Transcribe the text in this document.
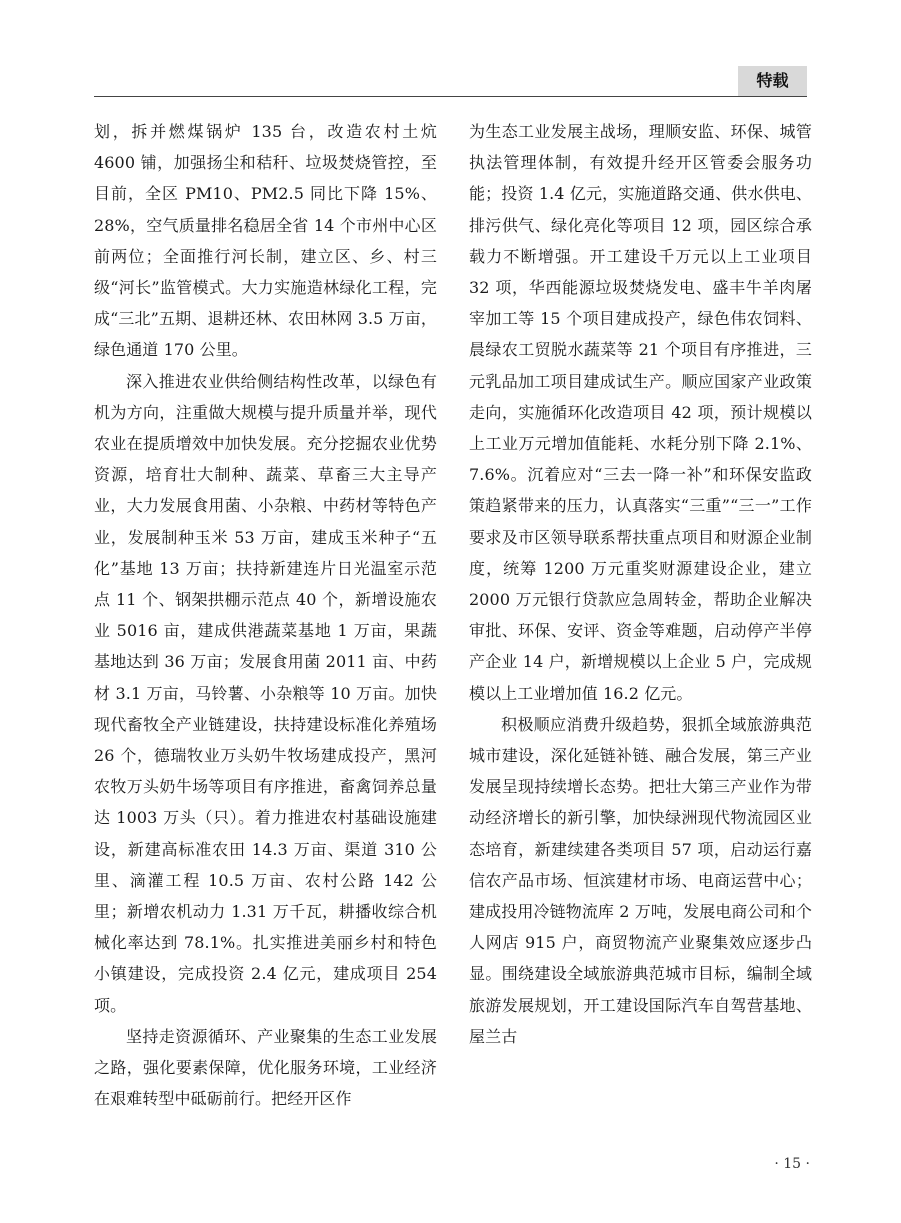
特载

划，拆并燃煤锅炉 135 台，改造农村土炕 4600 铺，加强扬尘和秸秆、垃圾焚烧管控，至目前，全区 PM10、PM2.5 同比下降 15%、28%，空气质量排名稳居全省 14 个市州中心区前两位；全面推行河长制，建立区、乡、村三级“河长”监管模式。大力实施造林绿化工程，完成“三北”五期、退耕还林、农田林网 3.5 万亩，绿色通道 170 公里。

深入推进农业供给侧结构性改革，以绿色有机为方向，注重做大规模与提升质量并举，现代农业在提质增效中加快发展。充分挖掘农业优势资源，培育壮大制种、蔬菜、草畜三大主导产业，大力发展食用菌、小杂粮、中药材等特色产业，发展制种玉米 53 万亩，建成玉米种子“五化”基地 13 万亩；扶持新建连片日光温室示范点 11 个、钢架拱棚示范点 40 个，新增设施农业 5016 亩，建成供港蔬菜基地 1 万亩，果蔬基地达到 36 万亩；发展食用菌 2011 亩、中药材 3.1 万亩，马铃薯、小杂粮等 10 万亩。加快现代畜牧全产业链建设，扶持建设标准化养殖场 26 个，德瑞牧业万头奶牛牧场建成投产，黑河农牧万头奶牛场等项目有序推进，畜禽饲养总量达 1003 万头（只）。着力推进农村基础设施建设，新建高标准农田 14.3 万亩、渠道 310 公里、滴灌工程 10.5 万亩、农村公路 142 公里；新增农机动力 1.31 万千瓦，耕播收综合机械化率达到 78.1%。扎实推进美丽乡村和特色小镇建设，完成投资 2.4 亿元，建成项目 254 项。

坚持走资源循环、产业聚集的生态工业发展之路，强化要素保障，优化服务环境，工业经济在艰难转型中砥砺前行。把经开区作

为生态工业发展主战场，理顺安监、环保、城管执法管理体制，有效提升经开区管委会服务功能；投资 1.4 亿元，实施道路交通、供水供电、排污供气、绿化亮化等项目 12 项，园区综合承载力不断增强。开工建设千万元以上工业项目 32 项，华西能源垃圾焚烧发电、盛丰牛羊肉屠宰加工等 15 个项目建成投产，绿色伟农饲料、晨绿农工贸脱水蔬菜等 21 个项目有序推进，三元乳品加工项目建成试生产。顺应国家产业政策走向，实施循环化改造项目 42 项，预计规模以上工业万元增加值能耗、水耗分别下降 2.1%、7.6%。沉着应对“三去一降一补”和环保安监政策趋紧带来的压力，认真落实“三重”“三一”工作要求及市区领导联系帮扶重点项目和财源企业制度，统筹 1200 万元重奖财源建设企业，建立 2000 万元银行贷款应急周转金，帮助企业解决审批、环保、安评、资金等难题，启动停产半停产企业 14 户，新增规模以上企业 5 户，完成规模以上工业增加值 16.2 亿元。

积极顺应消费升级趋势，狠抓全域旅游典范城市建设，深化延链补链、融合发展，第三产业发展呈现持续增长态势。把壮大第三产业作为带动经济增长的新引擎，加快绿洲现代物流园区业态培育，新建续建各类项目 57 项，启动运行嘉信农产品市场、恒滨建材市场、电商运营中心；建成投用冷链物流库 2 万吨，发展电商公司和个人网店 915 户，商贸物流产业聚集效应逐步凸显。围绕建设全域旅游典范城市目标，编制全域旅游发展规划，开工建设国际汽车自驾营基地、屋兰古

· 15 ·
